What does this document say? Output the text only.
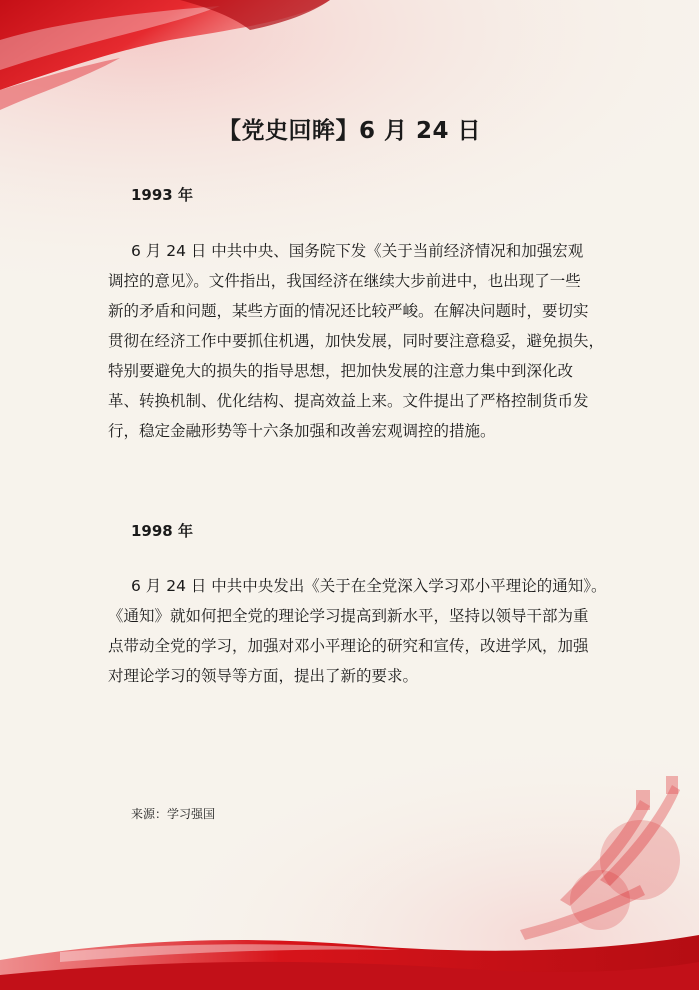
【党史回眸】6 月 24 日
1993 年

6 月 24 日 中共中央、国务院下发《关于当前经济情况和加强宏观
调控的意见》。文件指出，我国经济在继续大步前进中，也出现了一些
新的矛盾和问题，某些方面的情况还比较严峻。在解决问题时，要切实
贯彻在经济工作中要抓住机遇，加快发展，同时要注意稳妥，避免损失，
特别要避免大的损失的指导思想，把加快发展的注意力集中到深化改
革、转换机制、优化结构、提高效益上来。文件提出了严格控制货币发
行，稳定金融形势等十六条加强和改善宏观调控的措施。

1998 年

6 月 24 日 中共中央发出《关于在全党深入学习邓小平理论的通知》。
《通知》就如何把全党的理论学习提高到新水平，坚持以领导干部为重
点带动全党的学习，加强对邓小平理论的研究和宣传，改进学风，加强
对理论学习的领导等方面，提出了新的要求。

来源：学习强国
